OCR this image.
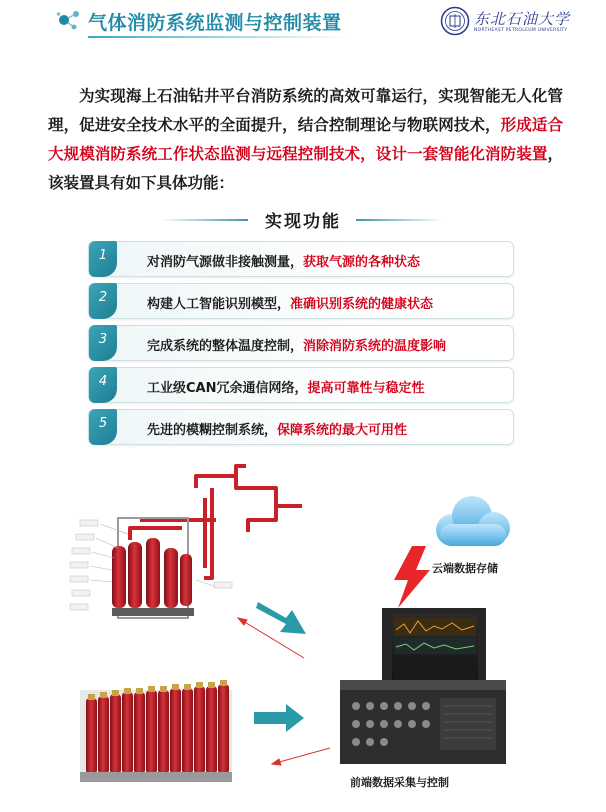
气体消防系统监测与控制装置	东北石油大学
NORTHEAST PETROLEUM UNIVERSITY

为实现海上石油钻井平台消防系统的高效可靠运行，实现智能无人化管理，促进安全技术水平的全面提升，结合控制理论与物联网技术，形成适合大规模消防系统工作状态监测与远程控制技术，设计一套智能化消防装置，该装置具有如下具体功能：

实现功能
1	对消防气源做非接触测量，获取气源的各种状态
2	构建人工智能识别模型，准确识别系统的健康状态
3	完成系统的整体温度控制，消除消防系统的温度影响
4	工业级CAN冗余通信网络，提高可靠性与稳定性
5	先进的模糊控制系统，保障系统的最大可用性
云端数据存储
前端数据采集与控制
